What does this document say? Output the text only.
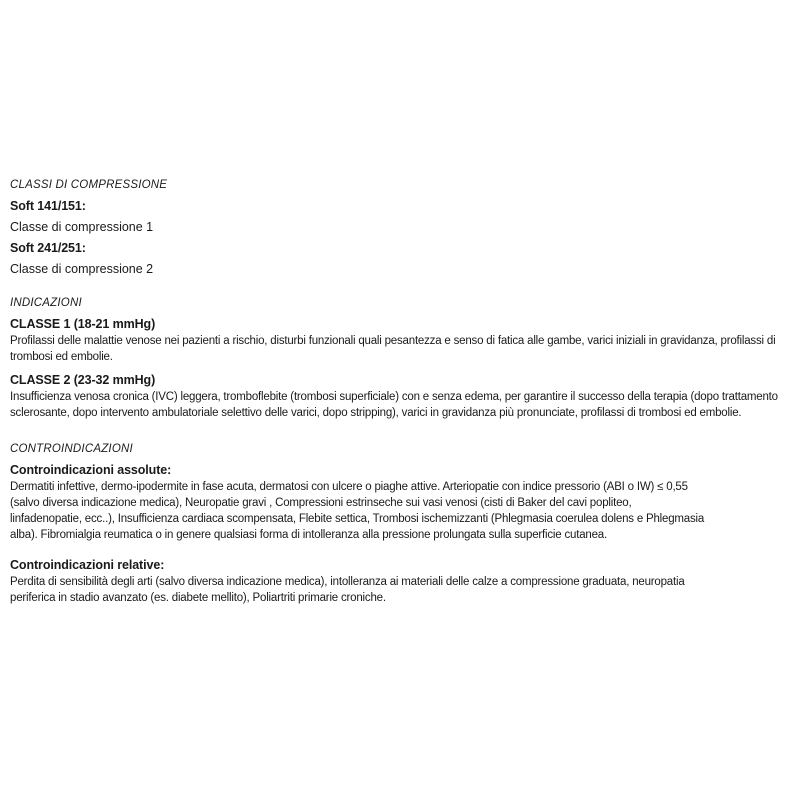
CLASSI DI COMPRESSIONE

Soft 141/151:

Classe di compressione 1

Soft 241/251:

Classe di compressione 2

INDICAZIONI

CLASSE 1 (18-21 mmHg)

Profilassi delle malattie venose nei pazienti a rischio, disturbi funzionali quali pesantezza e senso di fatica alle gambe, varici iniziali in gravidanza, profilassi di
trombosi ed embolie.

CLASSE 2 (23-32 mmHg)

Insufficienza venosa cronica (IVC) leggera, tromboflebite (trombosi superficiale) con e senza edema, per garantire il successo della terapia (dopo trattamento
sclerosante, dopo intervento ambulatoriale selettivo delle varici, dopo stripping), varici in gravidanza più pronunciate, profilassi di trombosi ed embolie.

CONTROINDICAZIONI

Controindicazioni assolute:

Dermatiti infettive, dermo-ipodermite in fase acuta, dermatosi con ulcere o piaghe attive. Arteriopatie con indice pressorio (ABI o IW) ≤ 0,55
(salvo diversa indicazione medica), Neuropatie gravi , Compressioni estrinseche sui vasi venosi (cisti di Baker del cavi popliteo,
linfadenopatie, ecc..), Insufficienza cardiaca scompensata, Flebite settica, Trombosi ischemizzanti (Phlegmasia coerulea dolens e Phlegmasia
alba). Fibromialgia reumatica o in genere qualsiasi forma di intolleranza alla pressione prolungata sulla superficie cutanea.

Controindicazioni relative:

Perdita di sensibilità degli arti (salvo diversa indicazione medica), intolleranza ai materiali delle calze a compressione graduata, neuropatia
periferica in stadio avanzato (es. diabete mellito), Poliartriti primarie croniche.
